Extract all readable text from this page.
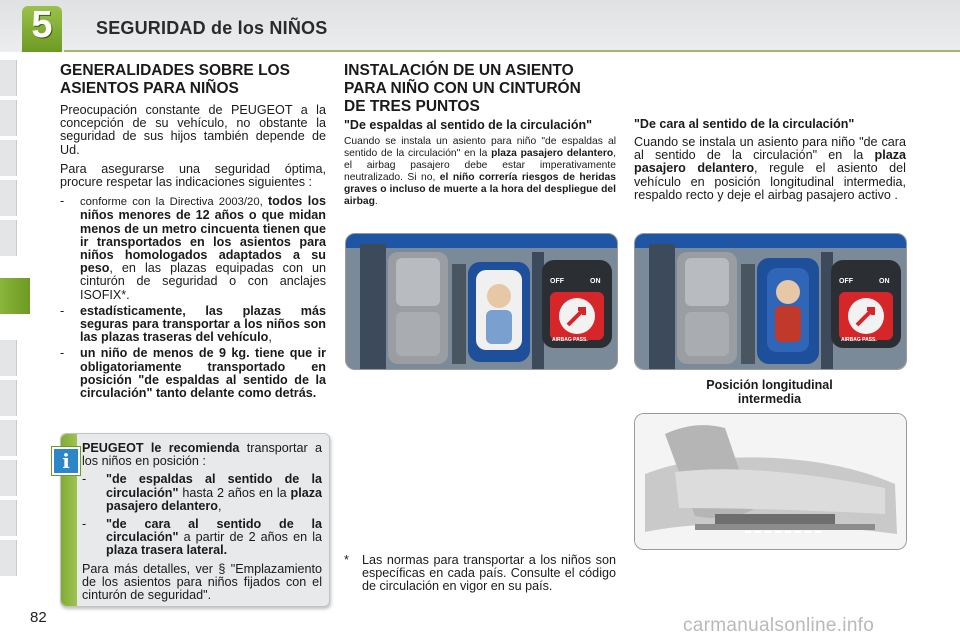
5	SEGURIDAD de los NIÑOS
GENERALIDADES SOBRE LOS
ASIENTOS PARA NIÑOS

Preocupación constante de PEUGEOT a la concepción de su vehículo, no obstante la seguridad de sus hijos también depende de Ud.

Para asegurarse una seguridad óptima, procure respetar las indicaciones siguientes :

- conforme con la Directiva 2003/20, todos los niños menores de 12 años o que midan menos de un metro cincuenta tienen que ir transportados en los asientos para niños homologados adaptados a su peso, en las plazas equipadas con un cinturón de seguridad o con anclajes ISOFIX*.
- estadísticamente, las plazas más seguras para transportar a los niños son las plazas traseras del vehículo,
- un niño de menos de 9 kg. tiene que ir obligatoriamente transportado en posición "de espaldas al sentido de la circulación" tanto delante como detrás.
i

PEUGEOT le recomienda transportar a los niños en posición :

- "de espaldas al sentido de la circulación" hasta 2 años en la plaza pasajero delantero,
- "de cara al sentido de la circulación" a partir de 2 años en la plaza trasera lateral.

Para más detalles, ver § "Emplazamiento de los asientos para niños fijados con el cinturón de seguridad".

INSTALACIÓN DE UN ASIENTO
PARA NIÑO CON UN CINTURÓN
DE TRES PUNTOS
"De espaldas al sentido de la circulación"

Cuando se instala un asiento para niño "de espaldas al sentido de la circulación" en la plaza pasajero delantero, el airbag pasajero debe estar imperativamente neutralizado. Si no, el niño correría riesgos de heridas graves o incluso de muerte a la hora del despliegue del airbag.

OFF	ON
AIRBAG PASS.
"De cara al sentido de la circulación"

Cuando se instala un asiento para niño "de cara al sentido de la circulación" en la plaza pasajero delantero, regule el asiento del vehículo en posición longitudinal intermedia, respaldo recto y deje el airbag pasajero activo .

OFF	ON
AIRBAG PASS.
Posición longitudinal
intermedia
* Las normas para transportar a los niños son específicas en cada país. Consulte el código de circulación en vigor en su país.
82	carmanualsonline.info
